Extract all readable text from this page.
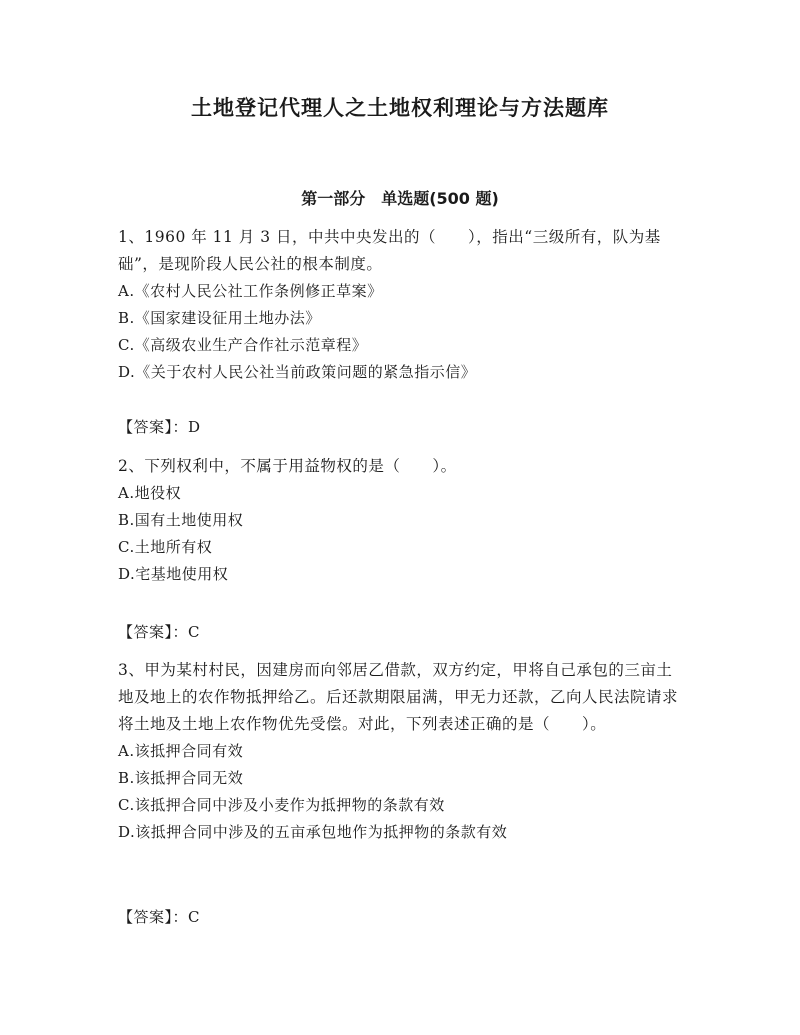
土地登记代理人之土地权利理论与方法题库
第一部分　单选题(500 题)

1、1960 年 11 月 3 日，中共中央发出的（　　），指出“三级所有，队为基础”，是现阶段人民公社的根本制度。

A.《农村人民公社工作条例修正草案》
B.《国家建设征用土地办法》
C.《高级农业生产合作社示范章程》
D.《关于农村人民公社当前政策问题的紧急指示信》
【答案】：D

2、下列权利中，不属于用益物权的是（　　）。

A.地役权
B.国有土地使用权
C.土地所有权
D.宅基地使用权
【答案】：C

3、甲为某村村民，因建房而向邻居乙借款，双方约定，甲将自己承包的三亩土地及地上的农作物抵押给乙。后还款期限届满，甲无力还款，乙向人民法院请求将土地及土地上农作物优先受偿。对此，下列表述正确的是（　　）。

A.该抵押合同有效
B.该抵押合同无效
C.该抵押合同中涉及小麦作为抵押物的条款有效
D.该抵押合同中涉及的五亩承包地作为抵押物的条款有效
【答案】：C
